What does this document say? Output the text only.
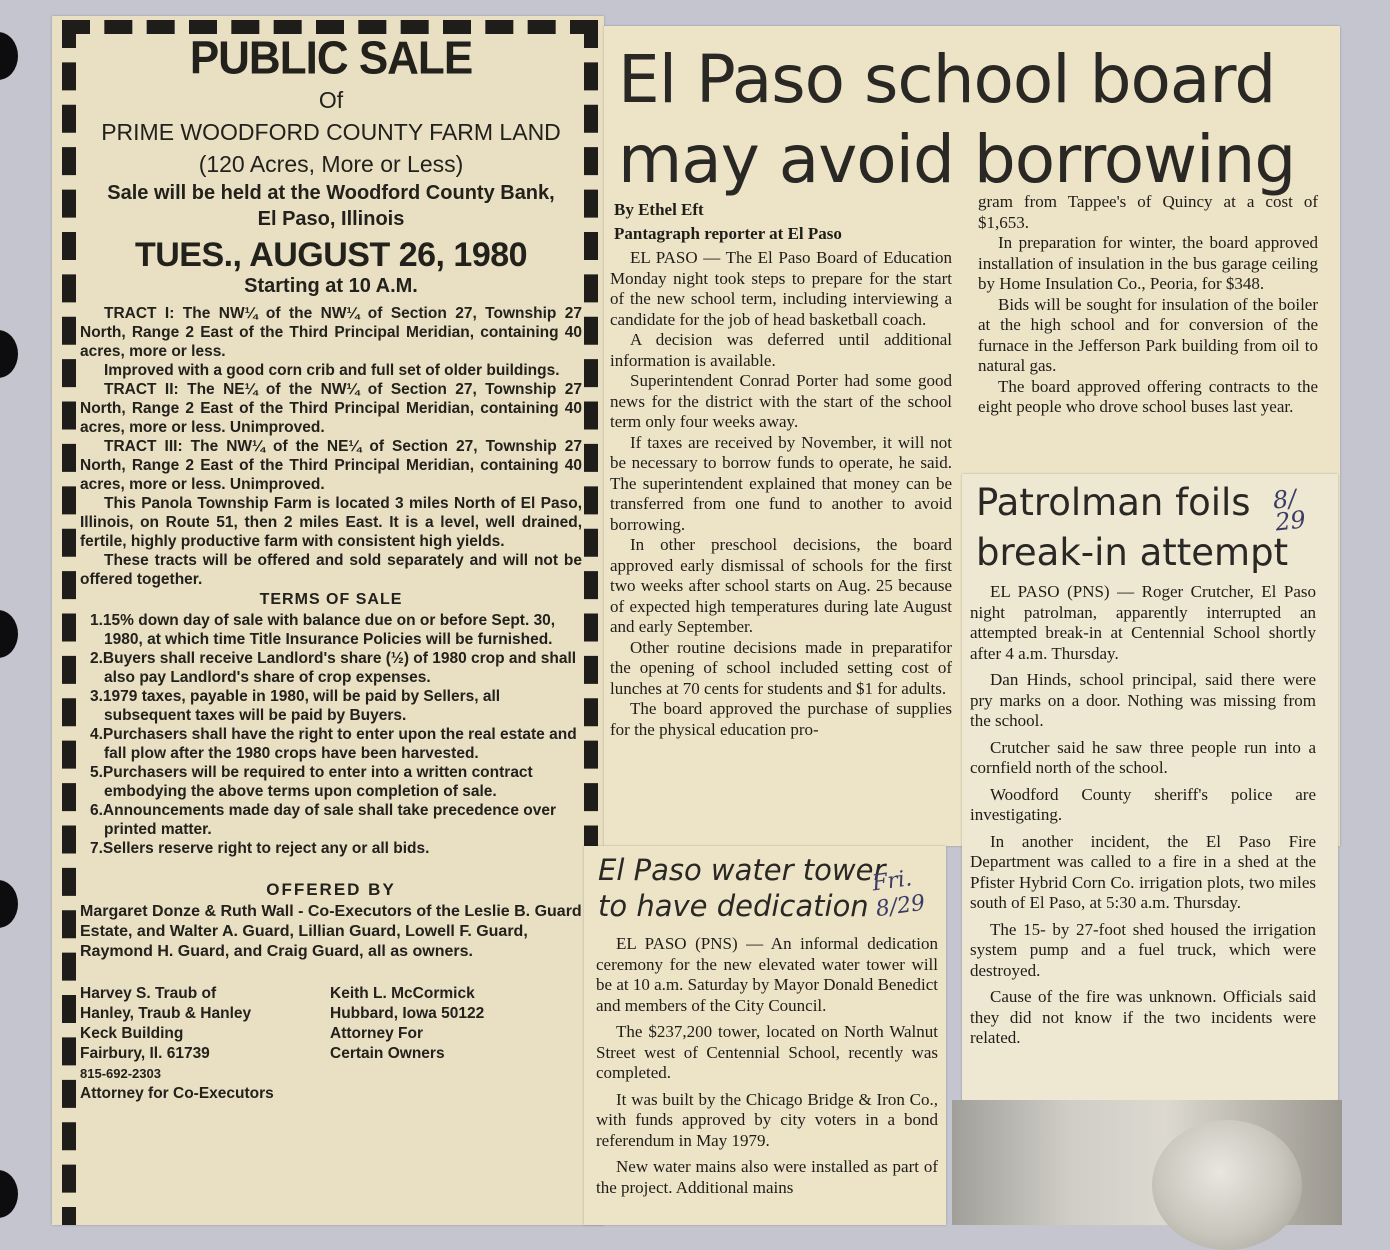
PUBLIC SALE

Of

PRIME WOODFORD COUNTY FARM LAND

(120 Acres, More or Less)

Sale will be held at the Woodford County Bank,

El Paso, Illinois

TUES., AUGUST 26, 1980

Starting at 10 A.M.

TRACT I: The NW¼ of the NW¼ of Section 27, Township 27 North, Range 2 East of the Third Principal Meridian, containing 40 acres, more or less.

Improved with a good corn crib and full set of older buildings.

TRACT II: The NE¼ of the NW¼ of Section 27, Township 27 North, Range 2 East of the Third Principal Meridian, containing 40 acres, more or less. Unimproved.

TRACT III: The NW¼ of the NE¼ of Section 27, Township 27 North, Range 2 East of the Third Principal Meridian, containing 40 acres, more or less. Unimproved.

This Panola Township Farm is located 3 miles North of El Paso, Illinois, on Route 51, then 2 miles East. It is a level, well drained, fertile, highly productive farm with consistent high yields.

These tracts will be offered and sold separately and will not be offered together.

TERMS OF SALE

1.15% down day of sale with balance due on or before Sept. 30, 1980, at which time Title Insurance Policies will be furnished.
2.Buyers shall receive Landlord's share (½) of 1980 crop and shall also pay Landlord's share of crop expenses.
3.1979 taxes, payable in 1980, will be paid by Sellers, all subsequent taxes will be paid by Buyers.
4.Purchasers shall have the right to enter upon the real estate and fall plow after the 1980 crops have been harvested.
5.Purchasers will be required to enter into a written contract embodying the above terms upon completion of sale.
6.Announcements made day of sale shall take precedence over printed matter.
7.Sellers reserve right to reject any or all bids.

OFFERED BY

Margaret Donze & Ruth Wall - Co-Executors of the Leslie B. Guard Estate, and Walter A. Guard, Lillian Guard, Lowell F. Guard, Raymond H. Guard, and Craig Guard, all as owners.

Harvey S. Traub of
Hanley, Traub & Hanley
Keck Building
Fairbury, Il. 61739
815-692-2303
Attorney for Co-Executors
Keith L. McCormick
Hubbard, Iowa 50122
Attorney For
Certain Owners
El Paso school board
may avoid borrowing
By Ethel Eft
Pantagraph reporter at El Paso

EL PASO — The El Paso Board of Education Monday night took steps to prepare for the start of the new school term, including interviewing a candidate for the job of head basketball coach.

A decision was deferred until additional information is available.

Superintendent Conrad Porter had some good news for the district with the start of the school term only four weeks away.

If taxes are received by November, it will not be necessary to borrow funds to operate, he said. The superintendent explained that money can be transferred from one fund to another to avoid borrowing.

In other preschool decisions, the board approved early dismissal of schools for the first two weeks after school starts on Aug. 25 because of expected high temperatures during late August and early September.

Other routine decisions made in preparatifor the opening of school included setting cost of lunches at 70 cents for students and $1 for adults.

The board approved the purchase of supplies for the physical education pro-

gram from Tappee's of Quincy at a cost of $1,653.

In preparation for winter, the board approved installation of insulation in the bus garage ceiling by Home Insulation Co., Peoria, for $348.

Bids will be sought for insulation of the boiler at the high school and for conversion of the furnace in the Jefferson Park building from oil to natural gas.

The board approved offering contracts to the eight people who drove school buses last year.

Patrolman foils
break-in attempt
8/
29

EL PASO (PNS) — Roger Crutcher, El Paso night patrolman, apparently interrupted an attempted break-in at Centennial School shortly after 4 a.m. Thursday.

Dan Hinds, school principal, said there were pry marks on a door. Nothing was missing from the school.

Crutcher said he saw three people run into a cornfield north of the school.

Woodford County sheriff's police are investigating.

In another incident, the El Paso Fire Department was called to a fire in a shed at the Pfister Hybrid Corn Co. irrigation plots, two miles south of El Paso, at 5:30 a.m. Thursday.

The 15- by 27-foot shed housed the irrigation system pump and a fuel truck, which were destroyed.

Cause of the fire was unknown. Officials said they did not know if the two incidents were related.

El Paso water tower
to have dedication
Fri.
8/29

EL PASO (PNS) — An informal dedication ceremony for the new elevated water tower will be at 10 a.m. Saturday by Mayor Donald Benedict and members of the City Council.

The $237,200 tower, located on North Walnut Street west of Centennial School, recently was completed.

It was built by the Chicago Bridge & Iron Co., with funds approved by city voters in a bond referendum in May 1979.

New water mains also were installed as part of the project. Additional mains
